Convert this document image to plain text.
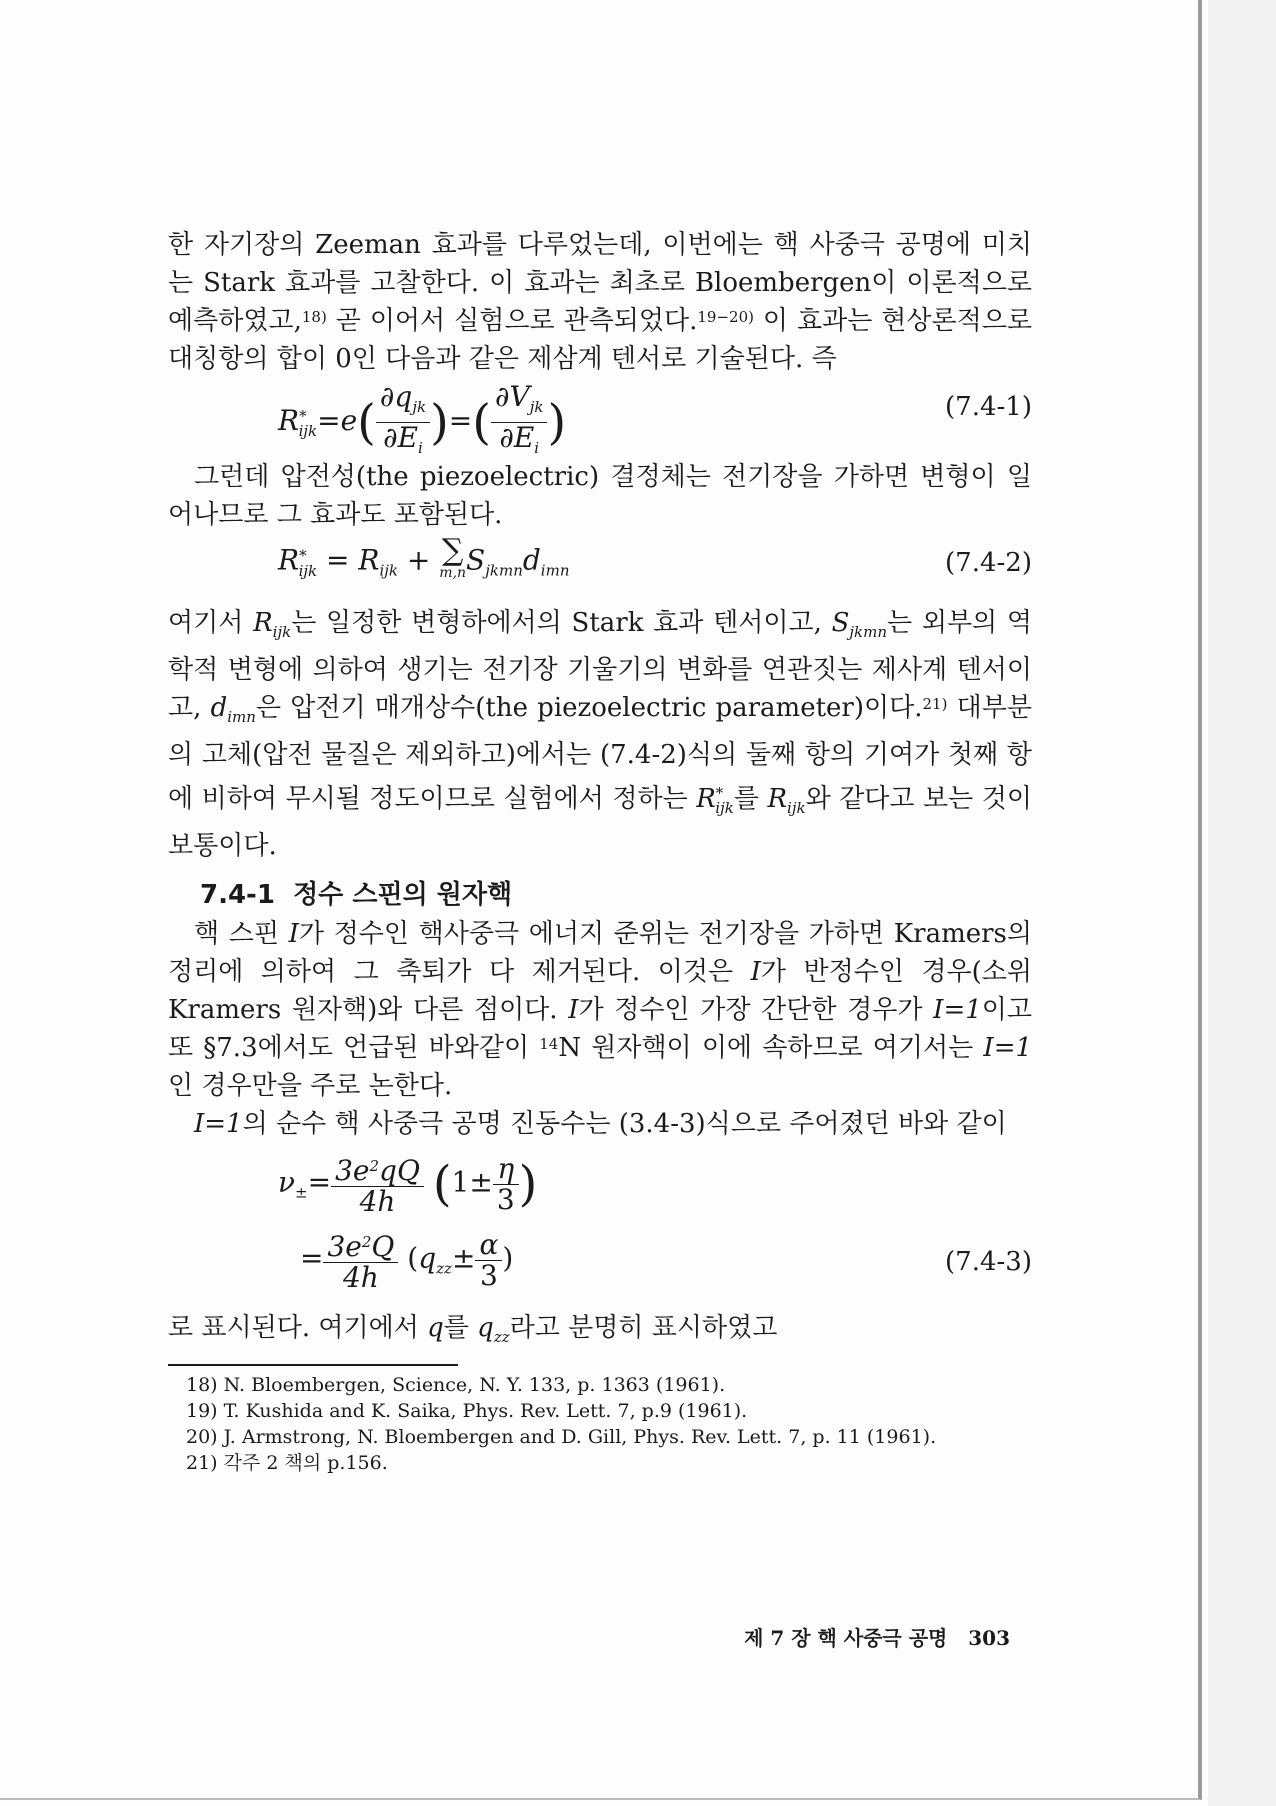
한 자기장의 Zeeman 효과를 다루었는데, 이번에는 핵 사중극 공명에 미치는 Stark 효과를 고찰한다. 이 효과는 최초로 Bloembergen이 이론적으로 예측하였고,$^{18)}$ 곧 이어서 실험으로 관측되었다.$^{19-20)}$ 이 효과는 현상론적으로 대칭항의 합이 0인 다음과 같은 제삼계 텐서로 기술된다. 즉

$R^*_{ijk}=e( \frac{\partial q_{jk}}{\partial E_i}$ )=( $\frac{\partial V_{jk}}{\partial E_i}$ )	(7.4-1)

그런데 압전성(the piezoelectric) 결정체는 전기장을 가하면 변형이 일어나므로 그 효과도 포함된다.

$R^*_{ijk} = R_{ijk}$ + ∑
m,n $S_{jkmn}d_{imn}$	(7.4-2)

여기서 $R_{ijk}$는 일정한 변형하에서의 Stark 효과 텐서이고, $S_{jkmn}$는 외부의 역학적 변형에 의하여 생기는 전기장 기울기의 변화를 연관짓는 제사계 텐서이고, $d_{imn}$은 압전기 매개상수(the piezoelectric parameter)이다.$^{21)}$ 대부분의 고체(압전 물질은 제외하고)에서는 (7.4-2)식의 둘째 항의 기여가 첫째 항에 비하여 무시될 정도이므로 실험에서 정하는 $R^*_{ijk}$를 $R_{ijk}$와 같다고 보는 것이 보통이다.

7.4-1 정수 스핀의 원자핵

핵 스핀 I가 정수인 핵사중극 에너지 준위는 전기장을 가하면 Kramers의 정리에 의하여 그 축퇴가 다 제거된다. 이것은 I가 반정수인 경우(소위 Kramers 원자핵)와 다른 점이다. I가 정수인 가장 간단한 경우가 I=1이고 또 §7.3에서도 언급된 바와같이 $^{14}$N 원자핵이 이에 속하므로 여기서는 I=1인 경우만을 주로 논한다.

I=1의 순수 핵 사중극 공명 진동수는 (3.4-3)식으로 주어졌던 바와 같이

$\nu_\pm= \frac{3e^2qQ}{4h} (1\pm \frac{\eta}{3}$ )
= $\frac{3e^2Q}{4h} (q_{zz}\pm \frac{\alpha}{3}$ )	(7.4-3)

로 표시된다. 여기에서 q를 $q_{zz}$라고 분명히 표시하였고

18) N. Bloembergen, Science, N. Y. 133, p. 1363 (1961).
19) T. Kushida and K. Saika, Phys. Rev. Lett. 7, p.9 (1961).
20) J. Armstrong, N. Bloembergen and D. Gill, Phys. Rev. Lett. 7, p. 11 (1961).
21) 각주 2 책의 p.156.
제 7 장 핵 사중극 공명 303
